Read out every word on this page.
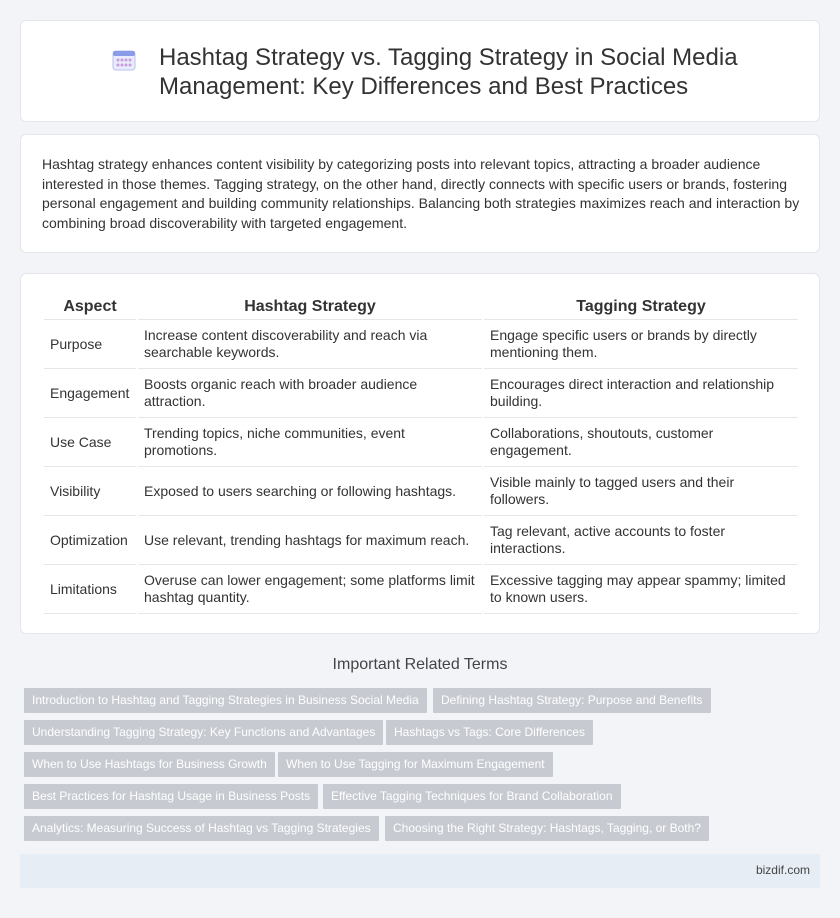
Hashtag Strategy vs. Tagging Strategy in Social Media Management: Key Differences and Best Practices

Hashtag strategy enhances content visibility by categorizing posts into relevant topics, attracting a broader audience interested in those themes. Tagging strategy, on the other hand, directly connects with specific users or brands, fostering personal engagement and building community relationships. Balancing both strategies maximizes reach and interaction by combining broad discoverability with targeted engagement.

Aspect	Hashtag Strategy	Tagging Strategy
Purpose	Increase content discoverability and reach via searchable keywords.	Engage specific users or brands by directly mentioning them.
Engagement	Boosts organic reach with broader audience attraction.	Encourages direct interaction and relationship building.
Use Case	Trending topics, niche communities, event promotions.	Collaborations, shoutouts, customer engagement.
Visibility	Exposed to users searching or following hashtags.	Visible mainly to tagged users and their followers.
Optimization	Use relevant, trending hashtags for maximum reach.	Tag relevant, active accounts to foster interactions.
Limitations	Overuse can lower engagement; some platforms limit hashtag quantity.	Excessive tagging may appear spammy; limited to known users.
Important Related Terms
Introduction to Hashtag and Tagging Strategies in Business Social Media	Defining Hashtag Strategy: Purpose and Benefits
Understanding Tagging Strategy: Key Functions and Advantages	Hashtags vs Tags: Core Differences
When to Use Hashtags for Business Growth	When to Use Tagging for Maximum Engagement
Best Practices for Hashtag Usage in Business Posts	Effective Tagging Techniques for Brand Collaboration
Analytics: Measuring Success of Hashtag vs Tagging Strategies	Choosing the Right Strategy: Hashtags, Tagging, or Both?
bizdif.com
